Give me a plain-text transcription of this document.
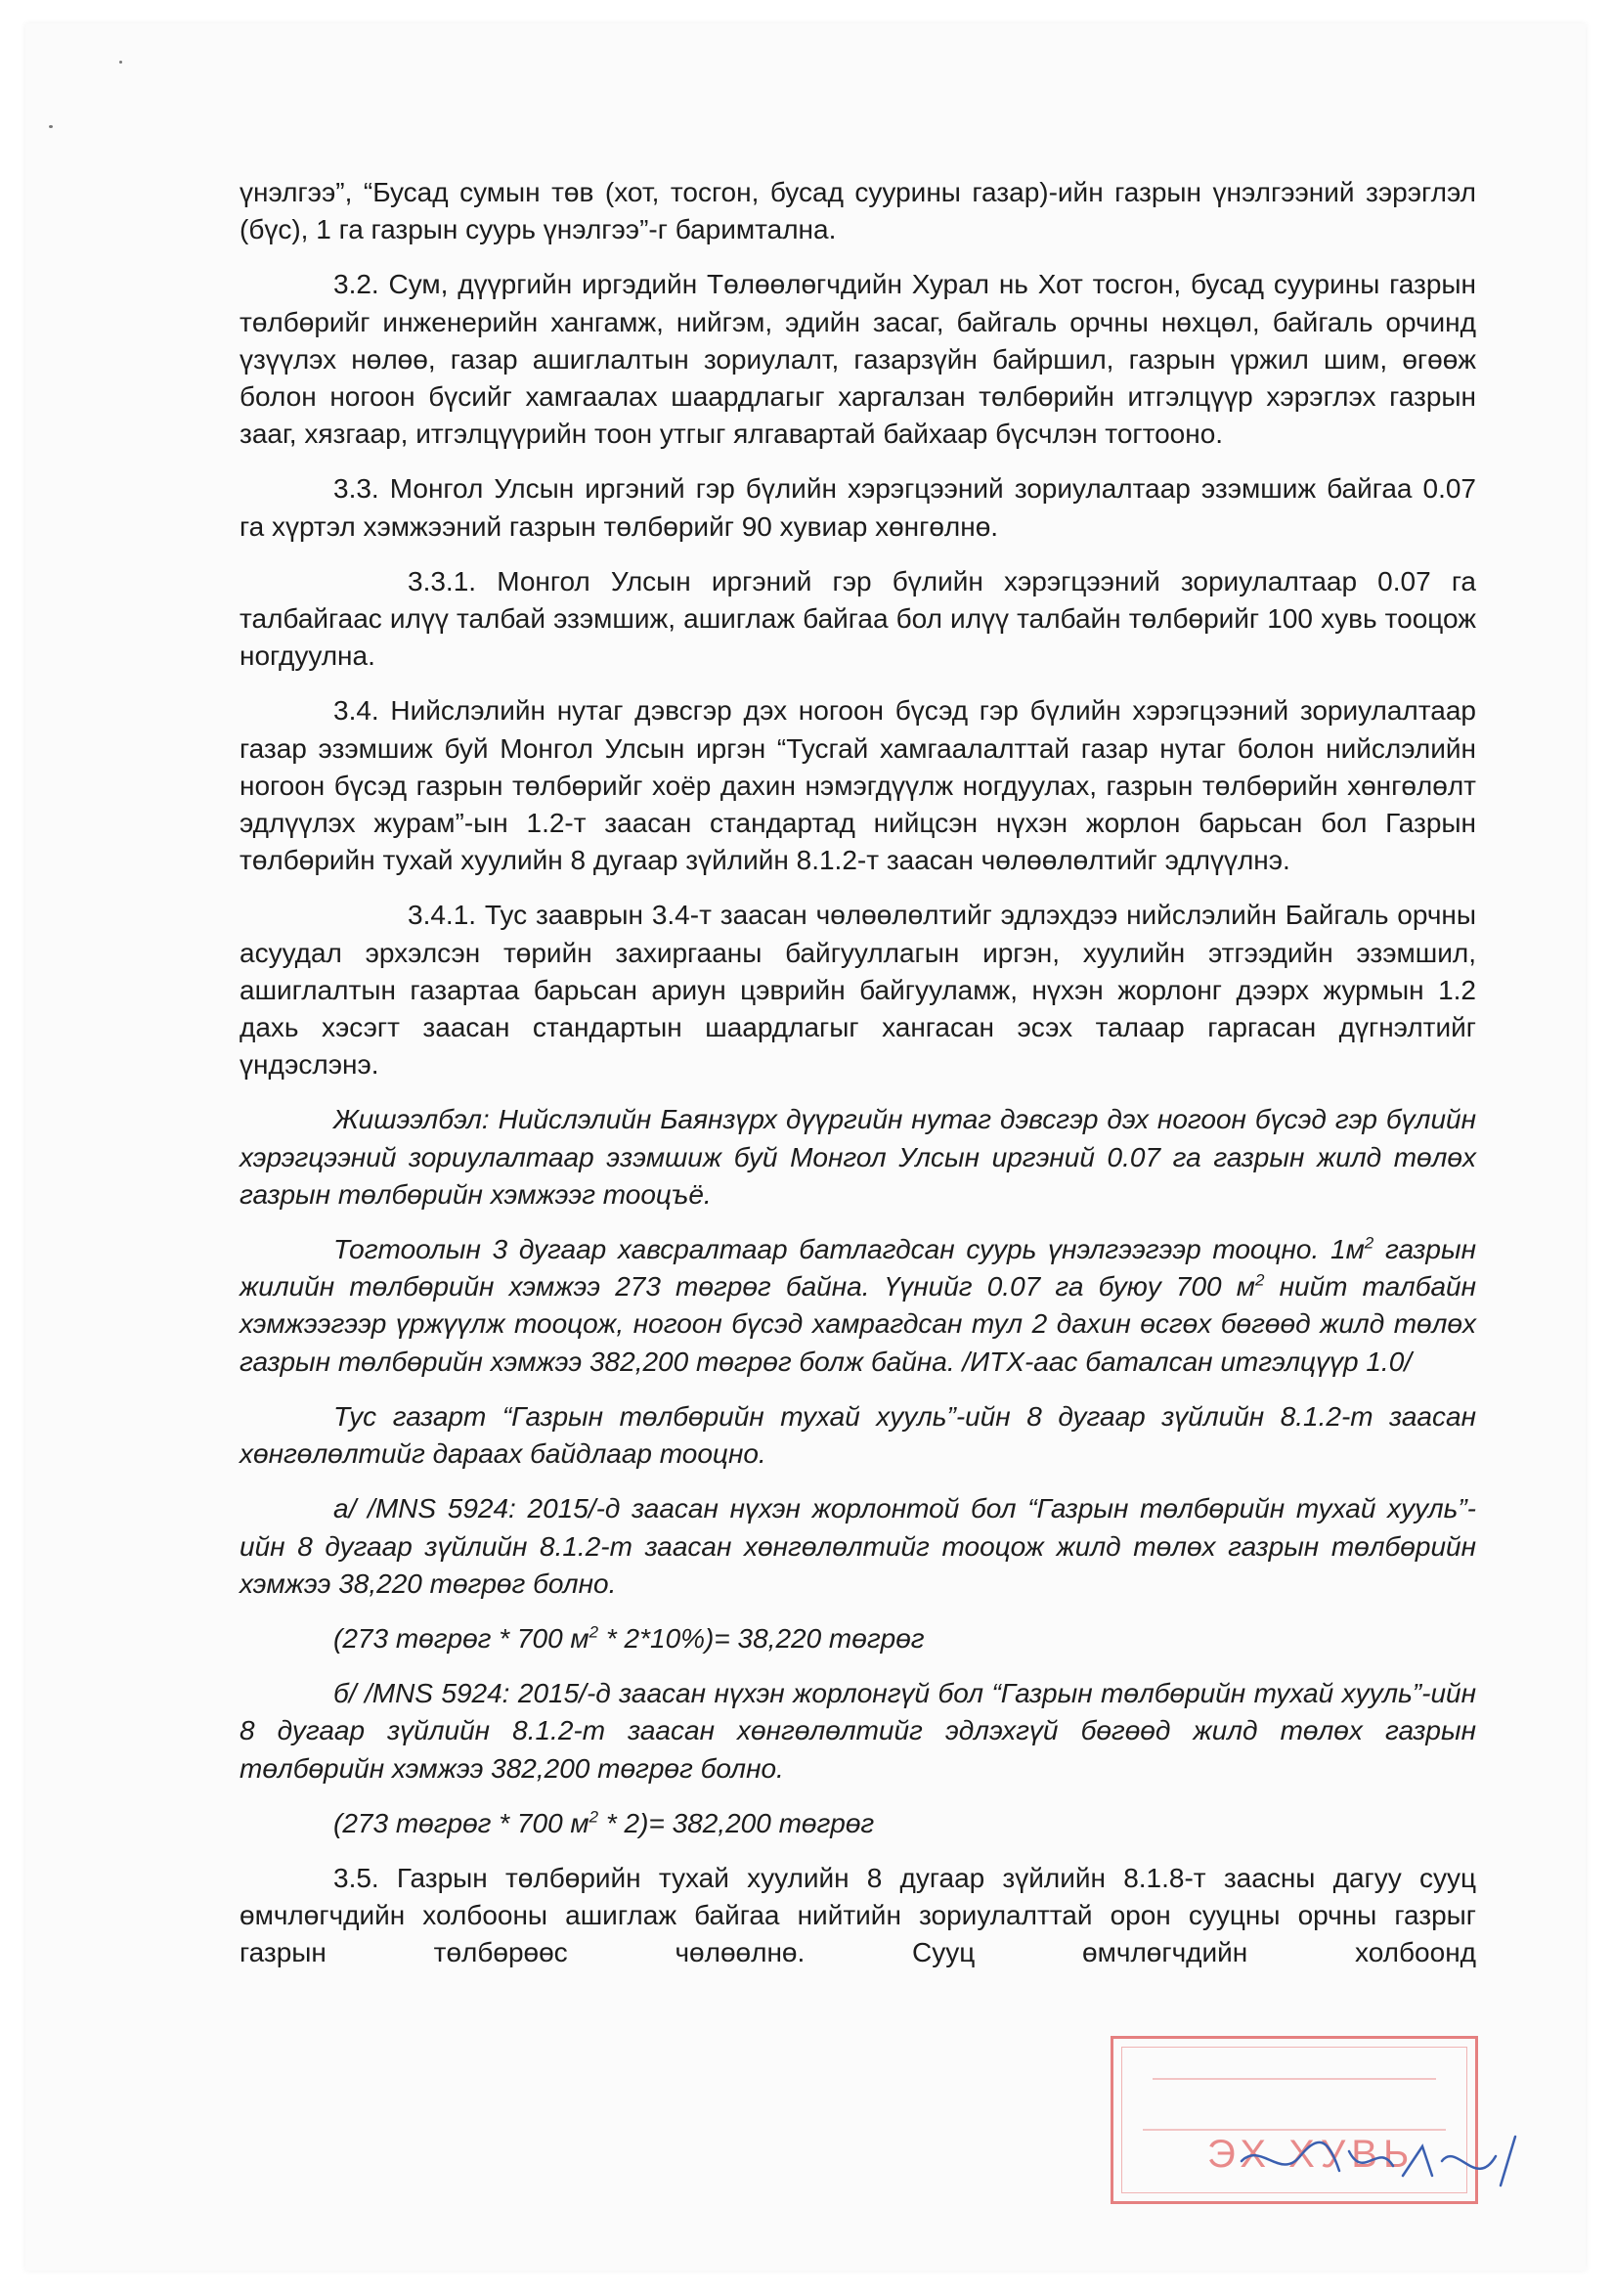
үнэлгээ”, “Бусад сумын төв (хот, тосгон, бусад суурины газар)-ийн газрын үнэлгээний зэрэглэл (бүс), 1 га газрын суурь үнэлгээ”-г баримтална.

3.2. Сум, дүүргийн иргэдийн Төлөөлөгчдийн Хурал нь Хот тосгон, бусад суурины газрын төлбөрийг инженерийн хангамж, нийгэм, эдийн засаг, байгаль орчны нөхцөл, байгаль орчинд үзүүлэх нөлөө, газар ашиглалтын зориулалт, газарзүйн байршил, газрын үржил шим, өгөөж болон ногоон бүсийг хамгаалах шаардлагыг харгалзан төлбөрийн итгэлцүүр хэрэглэх газрын зааг, хязгаар, итгэлцүүрийн тоон утгыг ялгавартай байхаар бүсчлэн тогтооно.

3.3. Монгол Улсын иргэний гэр бүлийн хэрэгцээний зориулалтаар эзэмшиж байгаа 0.07 га хүртэл хэмжээний газрын төлбөрийг 90 хувиар хөнгөлнө.

3.3.1. Монгол Улсын иргэний гэр бүлийн хэрэгцээний зориулалтаар 0.07 га талбайгаас илүү талбай эзэмшиж, ашиглаж байгаа бол илүү талбайн төлбөрийг 100 хувь тооцож ногдуулна.

3.4. Нийслэлийн нутаг дэвсгэр дэх ногоон бүсэд гэр бүлийн хэрэгцээний зориулалтаар газар эзэмшиж буй Монгол Улсын иргэн “Тусгай хамгаалалттай газар нутаг болон нийслэлийн ногоон бүсэд газрын төлбөрийг хоёр дахин нэмэгдүүлж ногдуулах, газрын төлбөрийн хөнгөлөлт эдлүүлэх журам”-ын 1.2-т заасан стандартад нийцсэн нүхэн жорлон барьсан бол Газрын төлбөрийн тухай хуулийн 8 дугаар зүйлийн 8.1.2-т заасан чөлөөлөлтийг эдлүүлнэ.

3.4.1. Тус зааврын 3.4-т заасан чөлөөлөлтийг эдлэхдээ нийслэлийн Байгаль орчны асуудал эрхэлсэн төрийн захиргааны байгууллагын иргэн, хуулийн этгээдийн эзэмшил, ашиглалтын газартаа барьсан ариун цэврийн байгууламж, нүхэн жорлонг дээрх журмын 1.2 дахь хэсэгт заасан стандартын шаардлагыг хангасан эсэх талаар гаргасан дүгнэлтийг үндэслэнэ.

Жишээлбэл: Нийслэлийн Баянзүрх дүүргийн нутаг дэвсгэр дэх ногоон бүсэд гэр бүлийн хэрэгцээний зориулалтаар эзэмшиж буй Монгол Улсын иргэний 0.07 га газрын жилд төлөх газрын төлбөрийн хэмжээг тооцъё.

Тогтоолын 3 дугаар хавсралтаар батлагдсан суурь үнэлгээгээр тооцно. $1м^2$ газрын жилийн төлбөрийн хэмжээ 273 төгрөг байна. Үүнийг 0.07 га буюу 700 $м^2$ нийт талбайн хэмжээгээр үржүүлж тооцож, ногоон бүсэд хамрагдсан тул 2 дахин өсгөх бөгөөд жилд төлөх газрын төлбөрийн хэмжээ 382,200 төгрөг болж байна. /ИТХ-аас баталсан итгэлцүүр 1.0/

Тус газарт “Газрын төлбөрийн тухай хууль”-ийн 8 дугаар зүйлийн 8.1.2-т заасан хөнгөлөлтийг дараах байдлаар тооцно.

а/ /MNS 5924: 2015/-д заасан нүхэн жорлонтой бол “Газрын төлбөрийн тухай хууль”-ийн 8 дугаар зүйлийн 8.1.2-т заасан хөнгөлөлтийг тооцож жилд төлөх газрын төлбөрийн хэмжээ 38,220 төгрөг болно.

(273 төгрөг * 700 $м^2 * 2*10\%)= 38,220$ төгрөг

б/ /MNS 5924: 2015/-д заасан нүхэн жорлонгүй бол “Газрын төлбөрийн тухай хууль”-ийн 8 дугаар зүйлийн 8.1.2-т заасан хөнгөлөлтийг эдлэхгүй бөгөөд жилд төлөх газрын төлбөрийн хэмжээ 382,200 төгрөг болно.

(273 төгрөг * 700 $м^2 * 2)= 382,200$ төгрөг

3.5. Газрын төлбөрийн тухай хуулийн 8 дугаар зүйлийн 8.1.8-т заасны дагуу сууц өмчлөгчдийн холбооны ашиглаж байгаа нийтийн зориулалттай орон сууцны орчны газрыг газрын төлбөрөөс чөлөөлнө. Сууц өмчлөгчдийн холбоонд

ЭХ ХУВЬ
